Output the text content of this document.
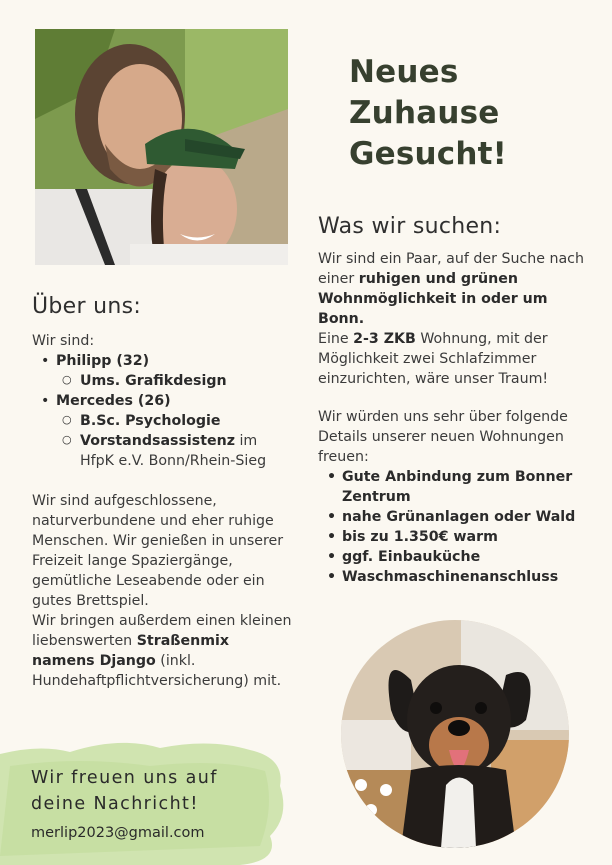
Neues
Zuhause
Gesucht!
Was wir suchen:
Wir sind ein Paar, auf der Suche nach einer ruhigen und grünen Wohnmöglichkeit in oder um Bonn.
Eine 2-3 ZKB Wohnung, mit der Möglichkeit zwei Schlafzimmer einzurichten, wäre unser Traum!
Wir würden uns sehr über folgende Details unserer neuen Wohnungen freuen:
• Gute Anbindung zum Bonner Zentrum
• nahe Grünanlagen oder Wald
• bis zu 1.350€ warm
• ggf. Einbauküche
• Waschmaschinenanschluss
Über uns:
Wir sind:
• Philipp (32)
○ Ums. Grafikdesign
• Mercedes (26)
○ B.Sc. Psychologie
○ Vorstandsassistenz im HfpK e.V. Bonn/Rhein-Sieg
Wir sind aufgeschlossene, naturverbundene und eher ruhige Menschen. Wir genießen in unserer Freizeit lange Spaziergänge, gemütliche Leseabende oder ein gutes Brettspiel.
Wir bringen außerdem einen kleinen liebenswerten Straßenmix namens Django (inkl. Hundehaftpflichtversicherung) mit.
Wir freuen uns auf
deine Nachricht!
merlip2023@gmail.com
